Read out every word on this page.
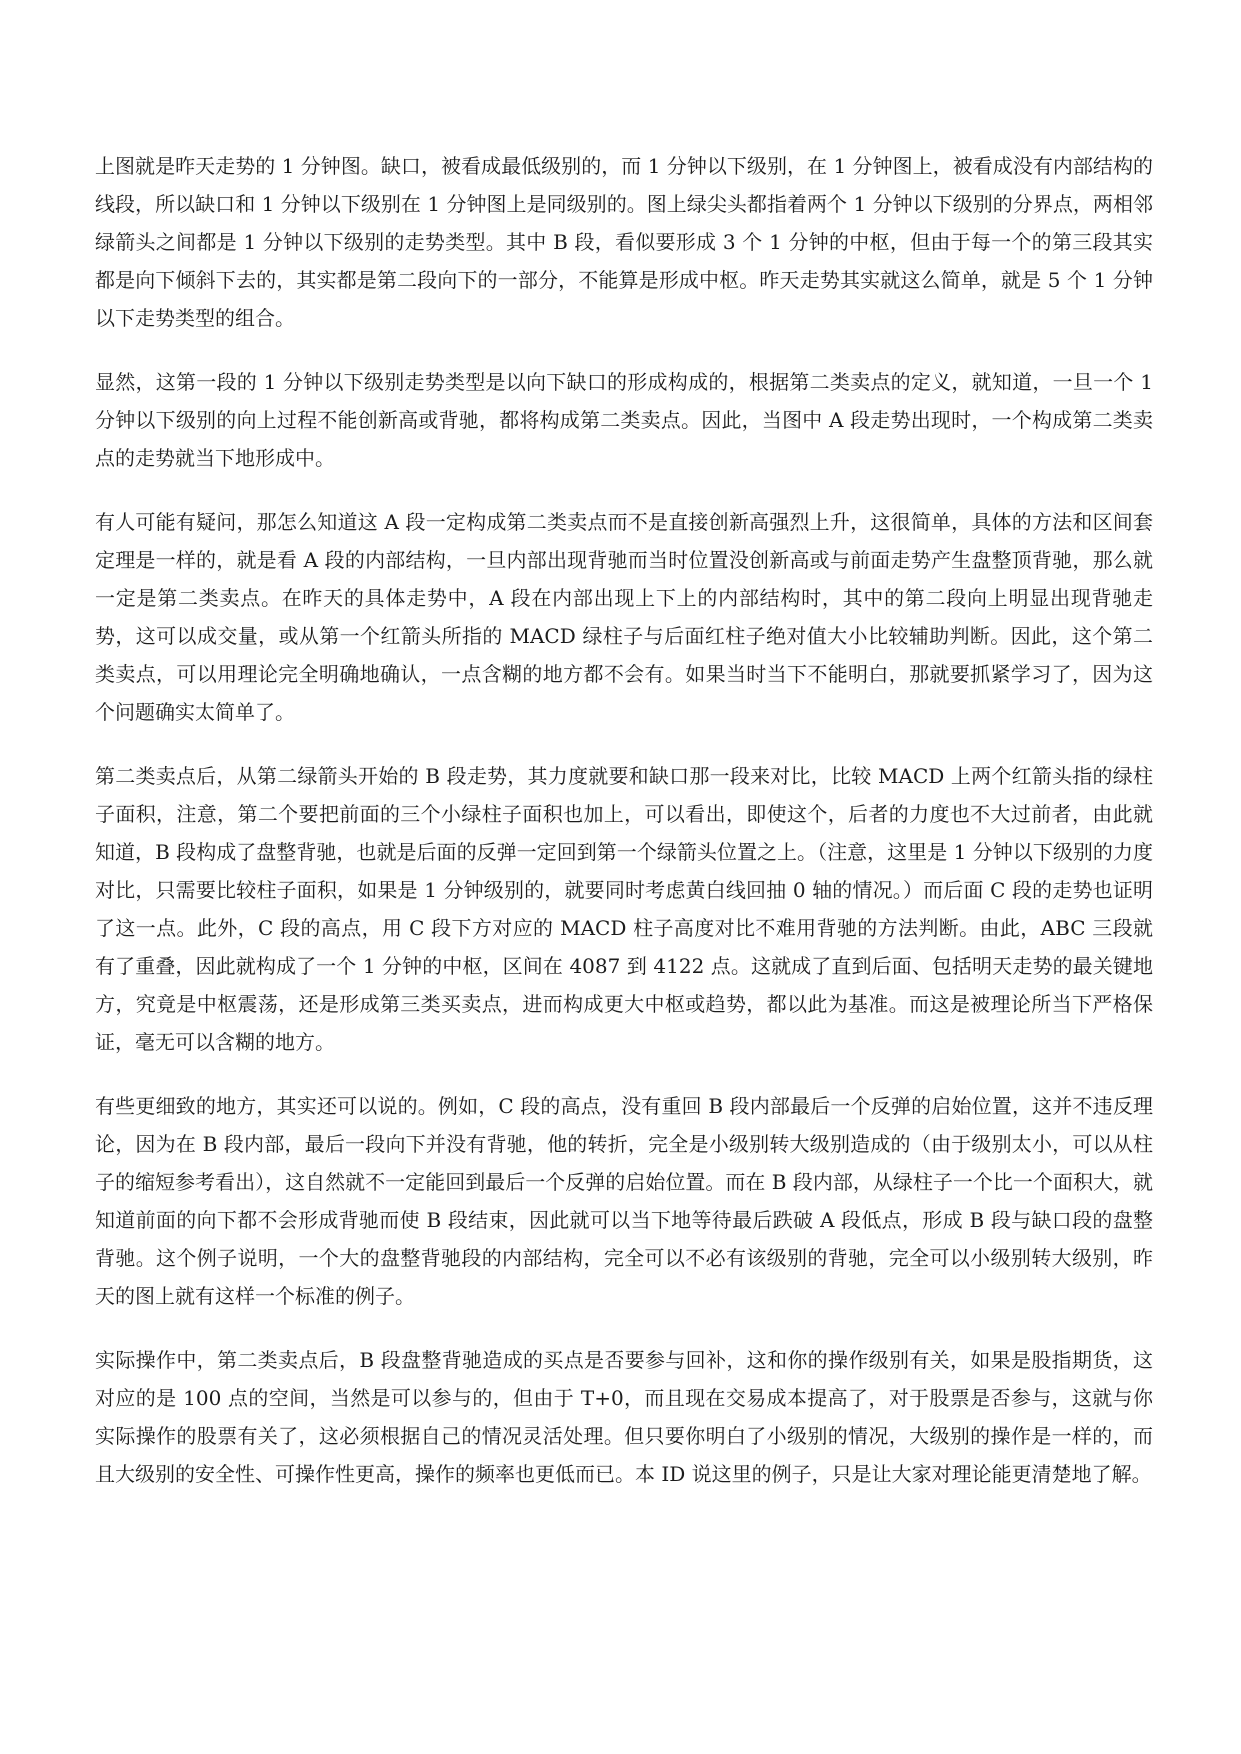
上图就是昨天走势的 1 分钟图。缺口，被看成最低级别的，而 1 分钟以下级别，在 1 分钟图上，被看成没有内部结构的线段，所以缺口和 1 分钟以下级别在 1 分钟图上是同级别的。图上绿尖头都指着两个 1 分钟以下级别的分界点，两相邻绿箭头之间都是 1 分钟以下级别的走势类型。其中 B 段，看似要形成 3 个 1 分钟的中枢，但由于每一个的第三段其实都是向下倾斜下去的，其实都是第二段向下的一部分，不能算是形成中枢。昨天走势其实就这么简单，就是 5 个 1 分钟以下走势类型的组合。

显然，这第一段的 1 分钟以下级别走势类型是以向下缺口的形成构成的，根据第二类卖点的定义，就知道，一旦一个 1 分钟以下级别的向上过程不能创新高或背驰，都将构成第二类卖点。因此，当图中 A 段走势出现时，一个构成第二类卖点的走势就当下地形成中。

有人可能有疑问，那怎么知道这 A 段一定构成第二类卖点而不是直接创新高强烈上升，这很简单，具体的方法和区间套定理是一样的，就是看 A 段的内部结构，一旦内部出现背驰而当时位置没创新高或与前面走势产生盘整顶背驰，那么就一定是第二类卖点。在昨天的具体走势中，A 段在内部出现上下上的内部结构时，其中的第二段向上明显出现背驰走势，这可以成交量，或从第一个红箭头所指的 MACD 绿柱子与后面红柱子绝对值大小比较辅助判断。因此，这个第二类卖点，可以用理论完全明确地确认，一点含糊的地方都不会有。如果当时当下不能明白，那就要抓紧学习了，因为这个问题确实太简单了。

第二类卖点后，从第二绿箭头开始的 B 段走势，其力度就要和缺口那一段来对比，比较 MACD 上两个红箭头指的绿柱子面积，注意，第二个要把前面的三个小绿柱子面积也加上，可以看出，即使这个，后者的力度也不大过前者，由此就知道，B 段构成了盘整背驰，也就是后面的反弹一定回到第一个绿箭头位置之上。（注意，这里是 1 分钟以下级别的力度对比，只需要比较柱子面积，如果是 1 分钟级别的，就要同时考虑黄白线回抽 0 轴的情况。）而后面 C 段的走势也证明了这一点。此外，C 段的高点，用 C 段下方对应的 MACD 柱子高度对比不难用背驰的方法判断。由此，ABC 三段就有了重叠，因此就构成了一个 1 分钟的中枢，区间在 4087 到 4122 点。这就成了直到后面、包括明天走势的最关键地方，究竟是中枢震荡，还是形成第三类买卖点，进而构成更大中枢或趋势，都以此为基准。而这是被理论所当下严格保证，毫无可以含糊的地方。

有些更细致的地方，其实还可以说的。例如，C 段的高点，没有重回 B 段内部最后一个反弹的启始位置，这并不违反理论，因为在 B 段内部，最后一段向下并没有背驰，他的转折，完全是小级别转大级别造成的（由于级别太小，可以从柱子的缩短参考看出），这自然就不一定能回到最后一个反弹的启始位置。而在 B 段内部，从绿柱子一个比一个面积大，就知道前面的向下都不会形成背驰而使 B 段结束，因此就可以当下地等待最后跌破 A 段低点，形成 B 段与缺口段的盘整背驰。这个例子说明，一个大的盘整背驰段的内部结构，完全可以不必有该级别的背驰，完全可以小级别转大级别，昨天的图上就有这样一个标准的例子。

实际操作中，第二类卖点后，B 段盘整背驰造成的买点是否要参与回补，这和你的操作级别有关，如果是股指期货，这对应的是 100 点的空间，当然是可以参与的，但由于 T+0，而且现在交易成本提高了，对于股票是否参与，这就与你实际操作的股票有关了，这必须根据自己的情况灵活处理。但只要你明白了小级别的情况，大级别的操作是一样的，而且大级别的安全性、可操作性更高，操作的频率也更低而已。本 ID 说这里的例子，只是让大家对理论能更清楚地了解。
